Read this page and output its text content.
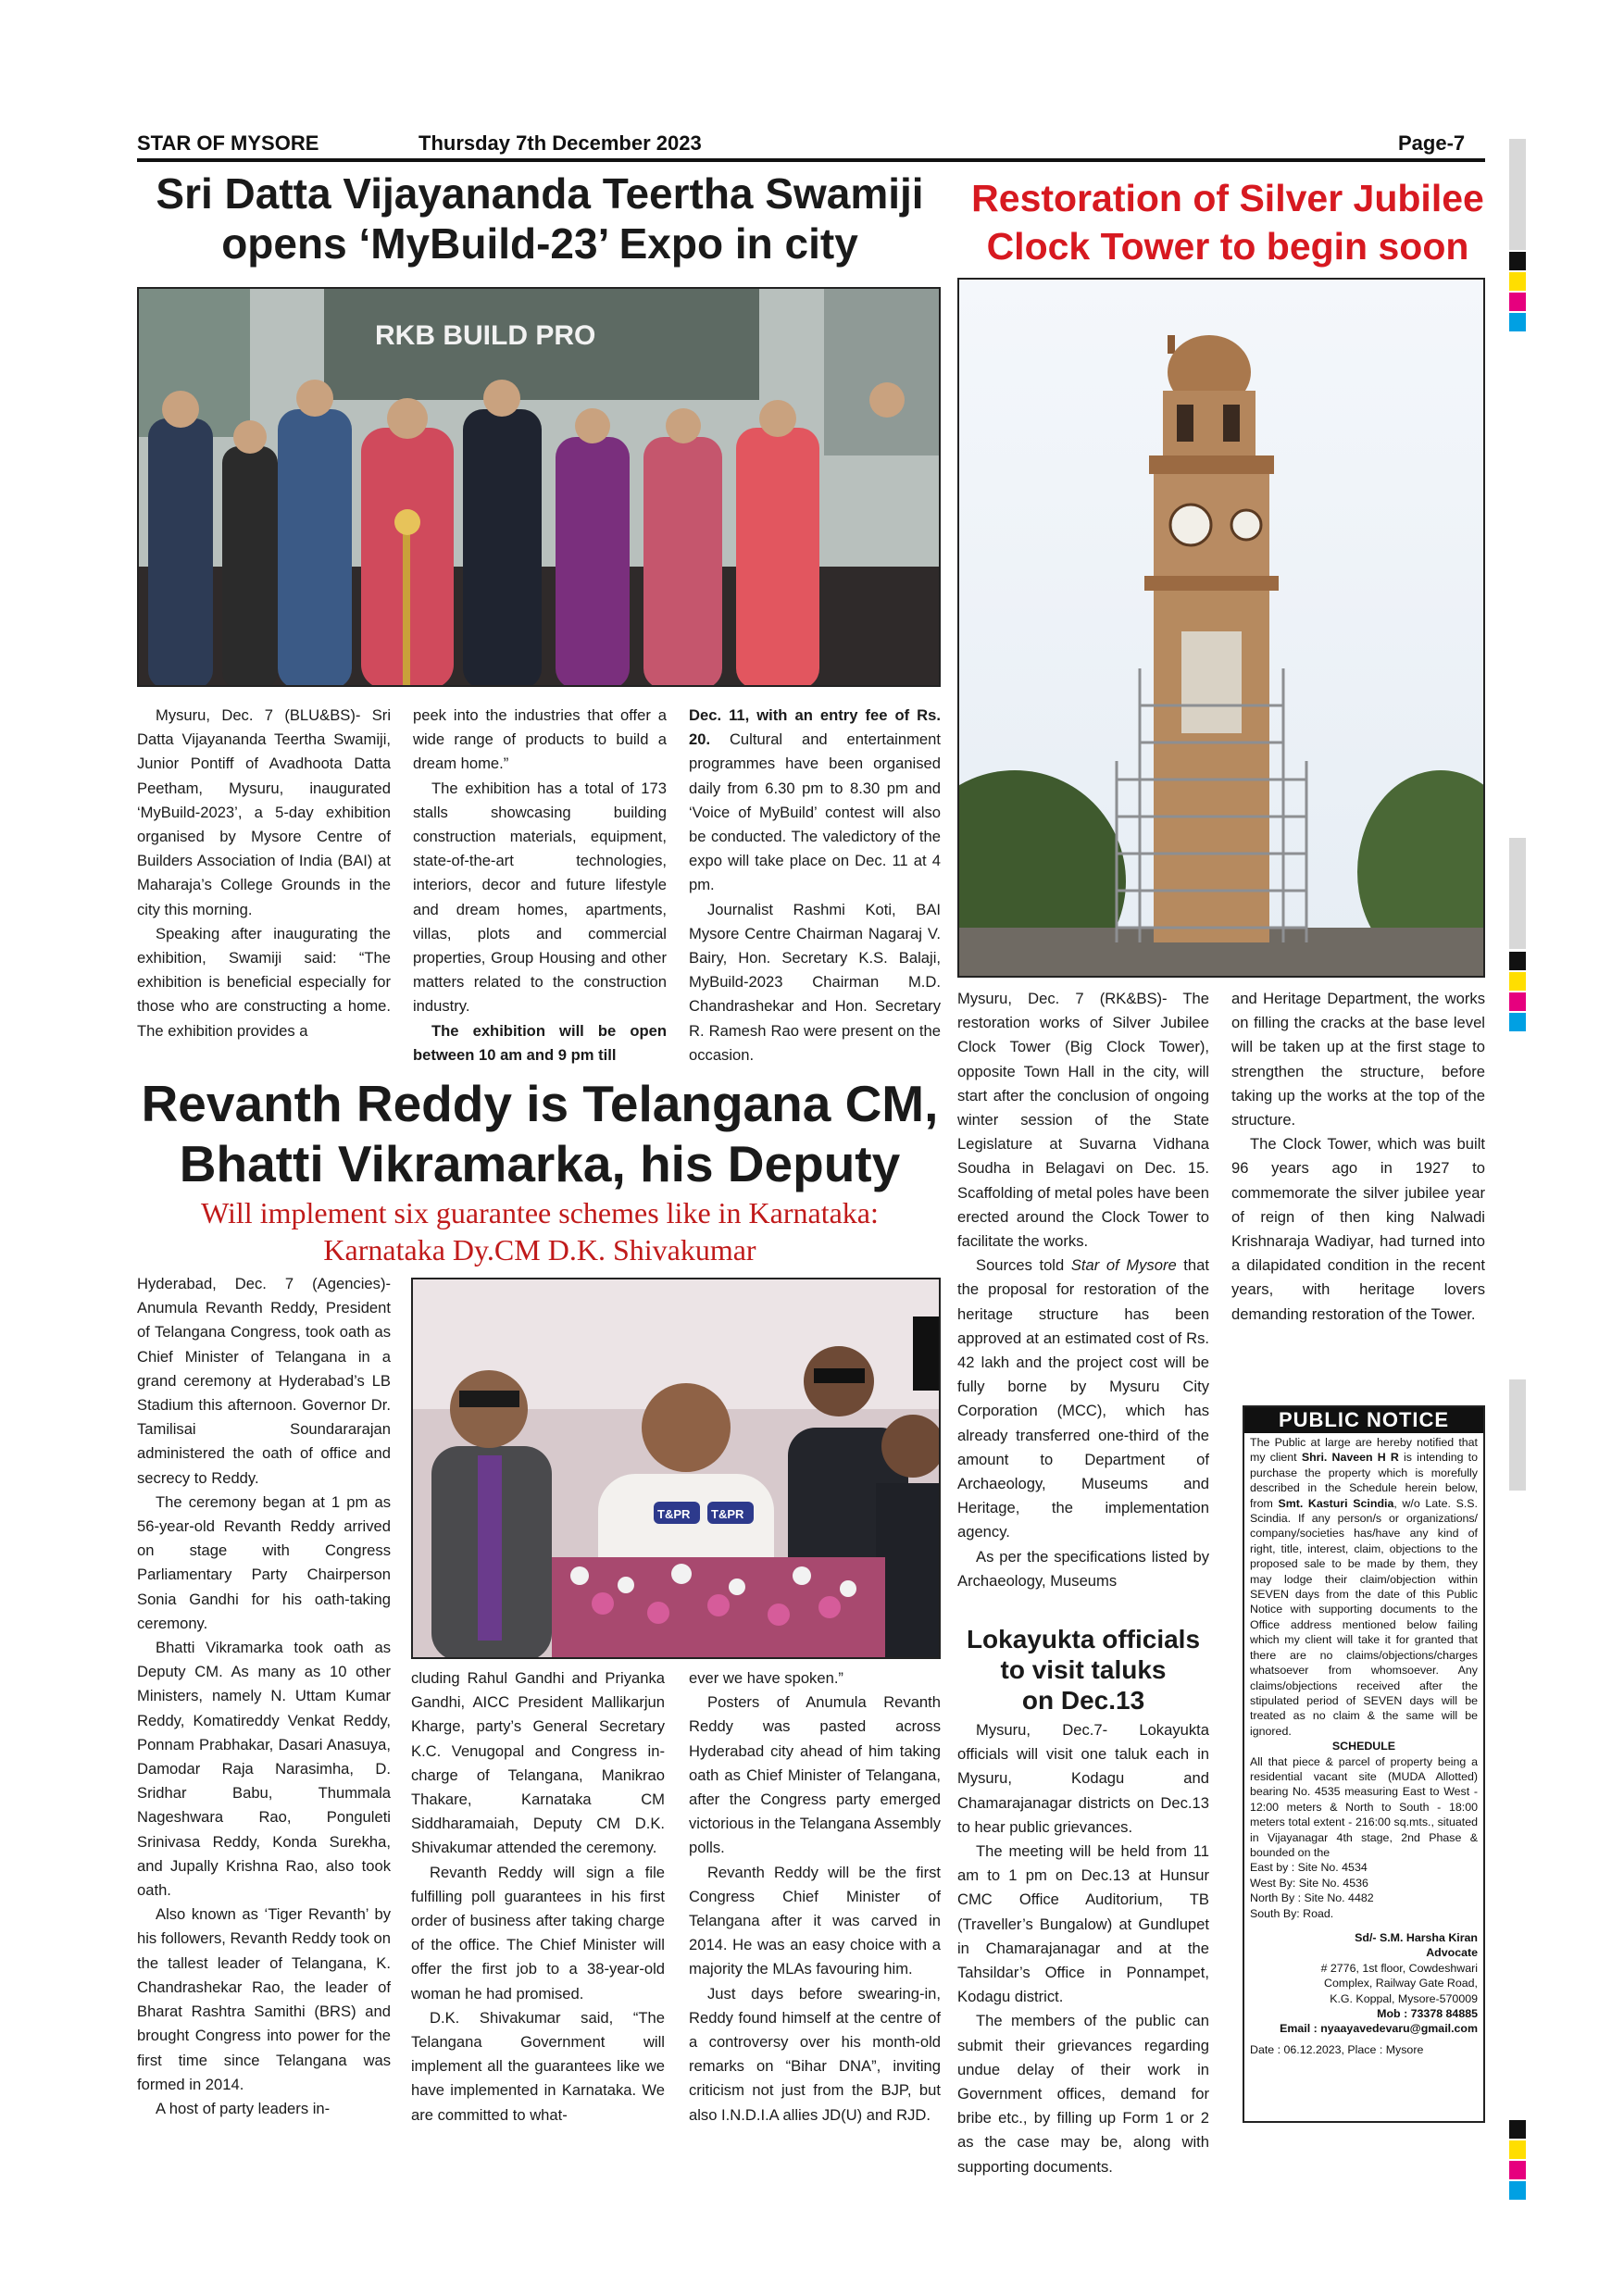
STAR OF MYSORE	Thursday 7th December 2023	Page-7
Sri Datta Vijayananda Teertha Swamiji
opens ‘MyBuild-23’ Expo in city
RKB BUILD PRO

Mysuru, Dec. 7 (BLU&BS)- Sri Datta Vijayananda Teertha Swamiji, Junior Pontiff of Avadhoota Datta Peetham, Mysuru, inaugurated ‘MyBuild-2023’, a 5-day exhibition organised by Mysore Centre of Builders Association of India (BAI) at Maharaja’s College Grounds in the city this morning.

Speaking after inaugurating the exhibition, Swamiji said: “The exhibition is beneficial especially for those who are constructing a home. The exhibition provides a

peek into the industries that offer a wide range of products to build a dream home.”

The exhibition has a total of 173 stalls showcasing building construction materials, equipment, state-of-the-art technologies, interiors, decor and future lifestyle and dream homes, apartments, villas, plots and commercial properties, Group Housing and other matters related to the construction industry.

The exhibition will be open between 10 am and 9 pm till

Dec. 11, with an entry fee of Rs. 20. Cultural and entertainment programmes have been organised daily from 6.30 pm to 8.30 pm and ‘Voice of MyBuild’ contest will also be conducted. The valedictory of the expo will take place on Dec. 11 at 4 pm.

Journalist Rashmi Koti, BAI Mysore Centre Chairman Nagaraj V. Bairy, Hon. Secretary K.S. Balaji, MyBuild-2023 Chairman M.D. Chandrashekar and Hon. Secretary R. Ramesh Rao were present on the occasion.

Restoration of Silver Jubilee
Clock Tower to begin soon

Mysuru, Dec. 7 (RK&BS)- The restoration works of Silver Jubilee Clock Tower (Big Clock Tower), opposite Town Hall in the city, will start after the conclusion of ongoing winter session of the State Legislature at Suvarna Vidhana Soudha in Belagavi on Dec. 15. Scaffolding of metal poles have been erected around the Clock Tower to facilitate the works.

Sources told Star of Mysore that the proposal for restoration of the heritage structure has been approved at an estimated cost of Rs. 42 lakh and the project cost will be fully borne by Mysuru City Corporation (MCC), which has already transferred one-third of the amount to Department of Archaeology, Museums and Heritage, the implementation agency.

As per the specifications listed by Archaeology, Museums

and Heritage Department, the works on filling the cracks at the base level will be taken up at the first stage to strengthen the structure, before taking up the works at the top of the structure.

The Clock Tower, which was built 96 years ago in 1927 to commemorate the silver jubilee year of reign of then king Nalwadi Krishnaraja Wadiyar, had turned into a dilapidated condition in the recent years, with heritage lovers demanding restoration of the Tower.

Revanth Reddy is Telangana CM,
Bhatti Vikramarka, his Deputy
Will implement six guarantee schemes like in Karnataka:
Karnataka Dy.CM D.K. Shivakumar

Hyderabad, Dec. 7 (Agencies)- Anumula Revanth Reddy, President of Telangana Congress, took oath as Chief Minister of Telangana in a grand ceremony at Hyderabad’s LB Stadium this afternoon. Governor Dr. Tamilisai Soundararajan administered the oath of office and secrecy to Reddy.

The ceremony began at 1 pm as 56-year-old Revanth Reddy arrived on stage with Congress Parliamentary Party Chairperson Sonia Gandhi for his oath-taking ceremony.

Bhatti Vikramarka took oath as Deputy CM. As many as 10 other Ministers, namely N. Uttam Kumar Reddy, Komatireddy Venkat Reddy, Ponnam Prabhakar, Dasari Anasuya, Damodar Raja Narasimha, D. Sridhar Babu, Thummala Nageshwara Rao, Ponguleti Srinivasa Reddy, Konda Surekha, and Jupally Krishna Rao, also took oath.

Also known as ‘Tiger Revanth’ by his followers, Revanth Reddy took on the tallest leader of Telangana, K. Chandrashekar Rao, the leader of Bharat Rashtra Samithi (BRS) and brought Congress into power for the first time since Telangana was formed in 2014.

A host of party leaders in-

T&PR T&PR

cluding Rahul Gandhi and Priyanka Gandhi, AICC President Mallikarjun Kharge, party’s General Secretary K.C. Venugopal and Congress in-charge of Telangana, Manikrao Thakare, Karnataka CM Siddharamaiah, Deputy CM D.K. Shivakumar attended the ceremony.

Revanth Reddy will sign a file fulfilling poll guarantees in his first order of business after taking charge of the office. The Chief Minister will offer the first job to a 38-year-old woman he had promised.

D.K. Shivakumar said, “The Telangana Government will implement all the guarantees like we have implemented in Karnataka. We are committed to what-

ever we have spoken.”

Posters of Anumula Revanth Reddy was pasted across Hyderabad city ahead of him taking oath as Chief Minister of Telangana, after the Congress party emerged victorious in the Telangana Assembly polls.

Revanth Reddy will be the first Congress Chief Minister of Telangana after it was carved in 2014. He was an easy choice with a majority the MLAs favouring him.

Just days before swearing-in, Reddy found himself at the centre of a controversy over his month-old remarks on “Bihar DNA”, inviting criticism not just from the BJP, but also I.N.D.I.A allies JD(U) and RJD.

Lokayukta officials
to visit taluks
on Dec.13

Mysuru, Dec.7- Lokayukta officials will visit one taluk each in Mysuru, Kodagu and Chamarajanagar districts on Dec.13 to hear public grievances.

The meeting will be held from 11 am to 1 pm on Dec.13 at Hunsur CMC Office Auditorium, TB (Traveller’s Bungalow) at Gundlupet in Chamarajanagar and at the Tahsildar’s Office in Ponnampet, Kodagu district.

The members of the public can submit their grievances regarding undue delay of their work in Government offices, demand for bribe etc., by filling up Form 1 or 2 as the case may be, along with supporting documents.

PUBLIC NOTICE
The Public at large are hereby notified that my client Shri. Naveen H R is intending to purchase the property which is morefully described in the Schedule herein below, from Smt. Kasturi Scindia, w/o Late. S.S. Scindia. If any person/s or organizations/ company/societies has/have any kind of right, title, interest, claim, objections to the proposed sale to be made by them, they may lodge their claim/objection within SEVEN days from the date of this Public Notice with supporting documents to the Office address mentioned below failing which my client will take it for granted that there are no claims/objections/charges whatsoever from whomsoever. Any claims/objections received after the stipulated period of SEVEN days will be treated as no claim & the same will be ignored.
SCHEDULE
All that piece & parcel of property being a residential vacant site (MUDA Allotted) bearing No. 4535 measuring East to West - 12:00 meters & North to South - 18:00 meters total extent - 216:00 sq.mts., situated in Vijayanagar 4th stage, 2nd Phase & bounded on the
East by : Site No. 4534
West By: Site No. 4536
North By : Site No. 4482
South By: Road.
Sd/- S.M. Harsha Kiran
Advocate
# 2776, 1st floor, Cowdeshwari
Complex, Railway Gate Road,
K.G. Koppal, Mysore-570009
Mob : 73378 84885
Email : nyaayavedevaru@gmail.com
Date : 06.12.2023, Place : Mysore
